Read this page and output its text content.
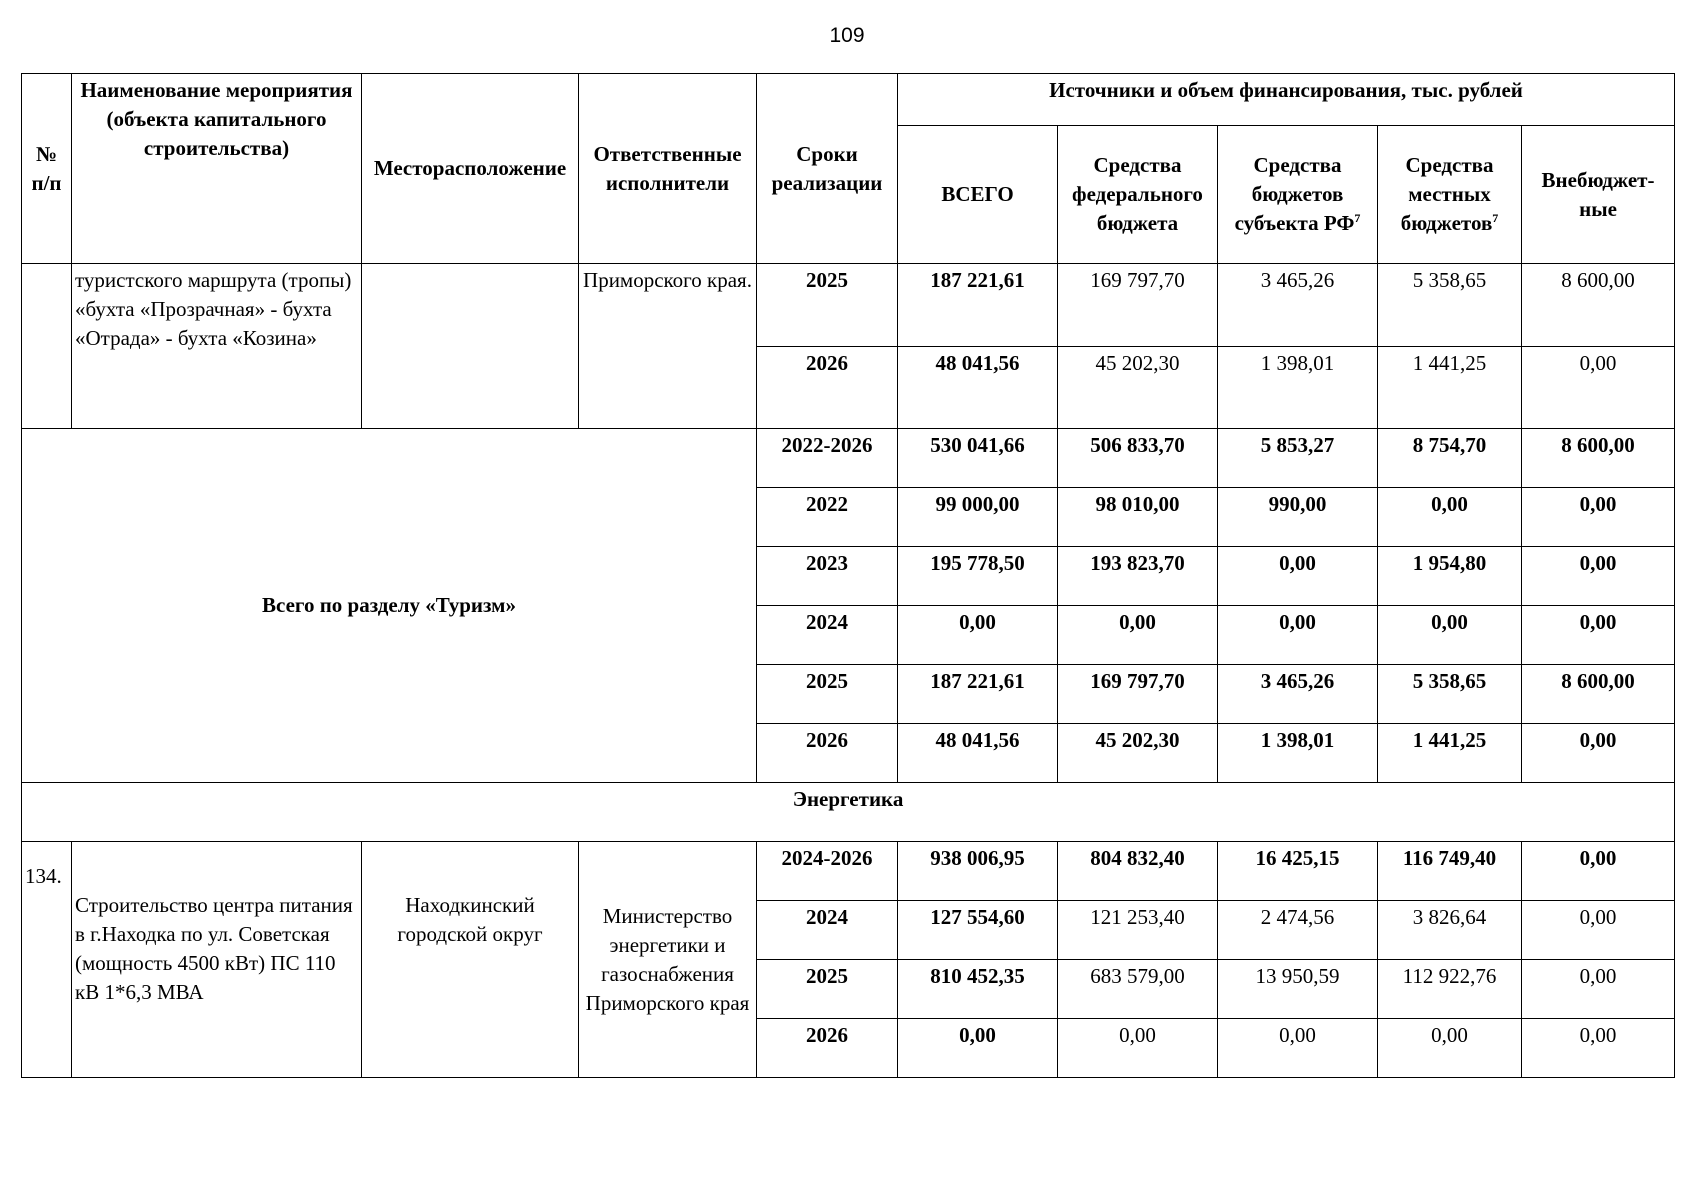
109
№ п/п	Наименование мероприятия (объекта капитального строительства)	Месторасположение	Ответственные исполнители	Сроки реализации	Источники и объем финансирования, тыс. рублей				
					ВСЕГО	Средства федерального бюджета	Средства бюджетов субъекта $РФ^7$	Средства местных бюджетов$^7$	Внебюджет-ные
	туристского маршрута (тропы) «бухта «Прозрачная» - бухта «Отрада» - бухта «Козина»		Приморского края.	2025	187 221,61	169 797,70	3 465,26	5 358,65	8 600,00
				2026	48 041,56	45 202,30	1 398,01	1 441,25	0,00
Всего по разделу «Туризм»				2022-2026	530 041,66	506 833,70	5 853,27	8 754,70	8 600,00
				2022	99 000,00	98 010,00	990,00	0,00	0,00
				2023	195 778,50	193 823,70	0,00	1 954,80	0,00
				2024	0,00	0,00	0,00	0,00	0,00
				2025	187 221,61	169 797,70	3 465,26	5 358,65	8 600,00
				2026	48 041,56	45 202,30	1 398,01	1 441,25	0,00
Энергетика									
134.	Строительство центра питания в г.Находка по ул. Советская (мощность 4500 кВт) ПС 110 кВ 1*6,3 МВА	Находкинский городской округ	Министерство энергетики и газоснабжения Приморского края	2024-2026	938 006,95	804 832,40	16 425,15	116 749,40	0,00
				2024	127 554,60	121 253,40	2 474,56	3 826,64	0,00
				2025	810 452,35	683 579,00	13 950,59	112 922,76	0,00
				2026	0,00	0,00	0,00	0,00	0,00
